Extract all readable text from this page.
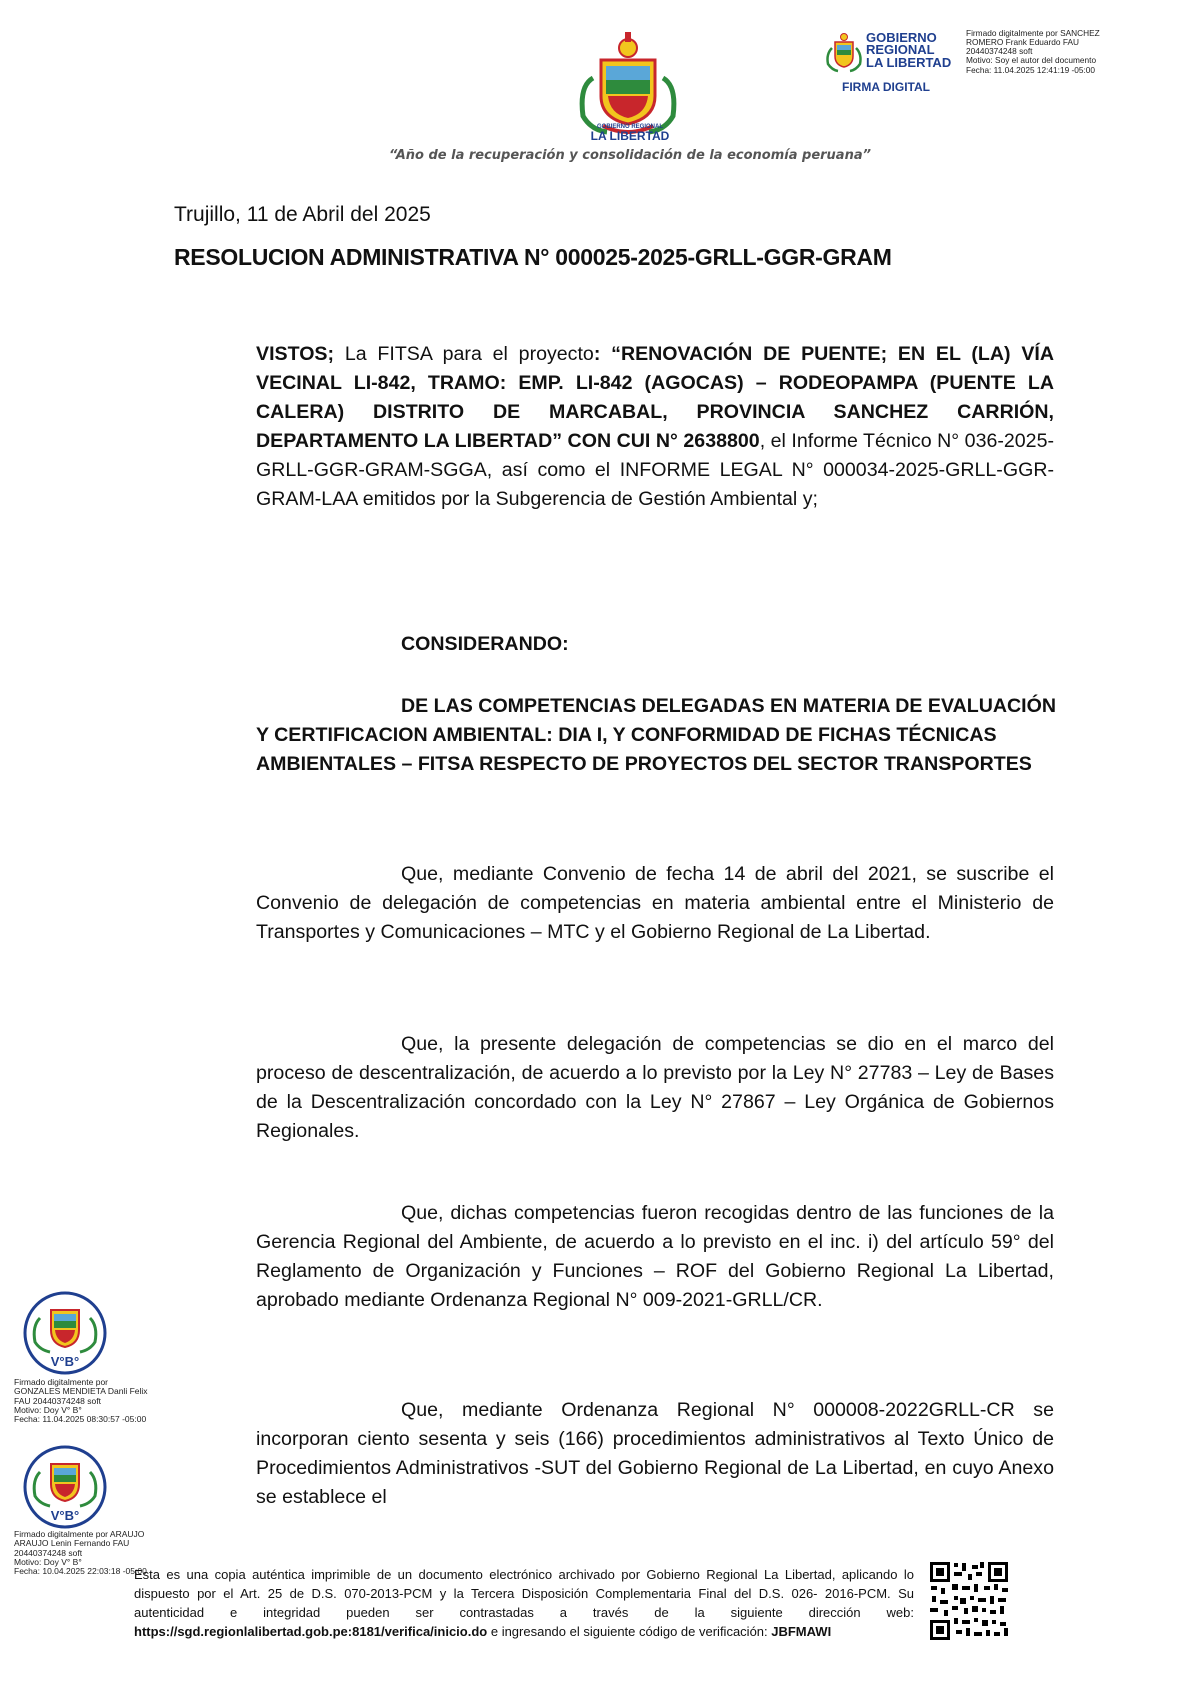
GOBIERNO REGIONAL
LA LIBERTAD
“Año de la recuperación y consolidación de la economía peruana”
GOBIERNO
REGIONAL
LA LIBERTAD
FIRMA DIGITAL
Firmado digitalmente por SANCHEZ
ROMERO Frank Eduardo FAU
20440374248 soft
Motivo: Soy el autor del documento
Fecha: 11.04.2025 12:41:19 -05:00
Trujillo, 11 de Abril del 2025
RESOLUCION ADMINISTRATIVA N° 000025-2025-GRLL-GGR-GRAM
VISTOS; La FITSA para el proyecto: “RENOVACIÓN DE PUENTE; EN EL (LA) VÍA VECINAL LI-842, TRAMO: EMP. LI-842 (AGOCAS) – RODEOPAMPA (PUENTE LA CALERA) DISTRITO DE MARCABAL, PROVINCIA SANCHEZ CARRIÓN, DEPARTAMENTO LA LIBERTAD” CON CUI N° 2638800, el Informe Técnico N° 036-2025-GRLL-GGR-GRAM-SGGA, así como el INFORME LEGAL N° 000034-2025-GRLL-GGR-GRAM-LAA emitidos por la Subgerencia de Gestión Ambiental y;
CONSIDERANDO:
DE LAS COMPETENCIAS DELEGADAS EN MATERIA DE EVALUACIÓN Y CERTIFICACION AMBIENTAL: DIA I, Y CONFORMIDAD DE FICHAS TÉCNICAS AMBIENTALES – FITSA RESPECTO DE PROYECTOS DEL SECTOR TRANSPORTES
Que, mediante Convenio de fecha 14 de abril del 2021, se suscribe el Convenio de delegación de competencias en materia ambiental entre el Ministerio de Transportes y Comunicaciones – MTC y el Gobierno Regional de La Libertad.
Que, la presente delegación de competencias se dio en el marco del proceso de descentralización, de acuerdo a lo previsto por la Ley N° 27783 – Ley de Bases de la Descentralización concordado con la Ley N° 27867 – Ley Orgánica de Gobiernos Regionales.
Que, dichas competencias fueron recogidas dentro de las funciones de la Gerencia Regional del Ambiente, de acuerdo a lo previsto en el inc. i) del artículo 59° del Reglamento de Organización y Funciones – ROF del Gobierno Regional La Libertad, aprobado mediante Ordenanza Regional N° 009-2021-GRLL/CR.
Que, mediante Ordenanza Regional N° 000008-2022GRLL-CR se incorporan ciento sesenta y seis (166) procedimientos administrativos al Texto Único de Procedimientos Administrativos -SUT del Gobierno Regional de La Libertad, en cuyo Anexo se establece el
V°B°
Firmado digitalmente por
GONZALES MENDIETA Danli Felix
FAU 20440374248 soft
Motivo: Doy V° B°
Fecha: 11.04.2025 08:30:57 -05:00
V°B°
Firmado digitalmente por ARAUJO
ARAUJO Lenin Fernando FAU
20440374248 soft
Motivo: Doy V° B°
Fecha: 10.04.2025 22:03:18 -05:00
Esta es una copia auténtica imprimible de un documento electrónico archivado por Gobierno Regional La Libertad, aplicando lo dispuesto por el Art. 25 de D.S. 070-2013-PCM y la Tercera Disposición Complementaria Final del D.S. 026- 2016-PCM. Su autenticidad e integridad pueden ser contrastadas a través de la siguiente dirección web: https://sgd.regionlalibertad.gob.pe:8181/verifica/inicio.do e ingresando el siguiente código de verificación: JBFMAWI
